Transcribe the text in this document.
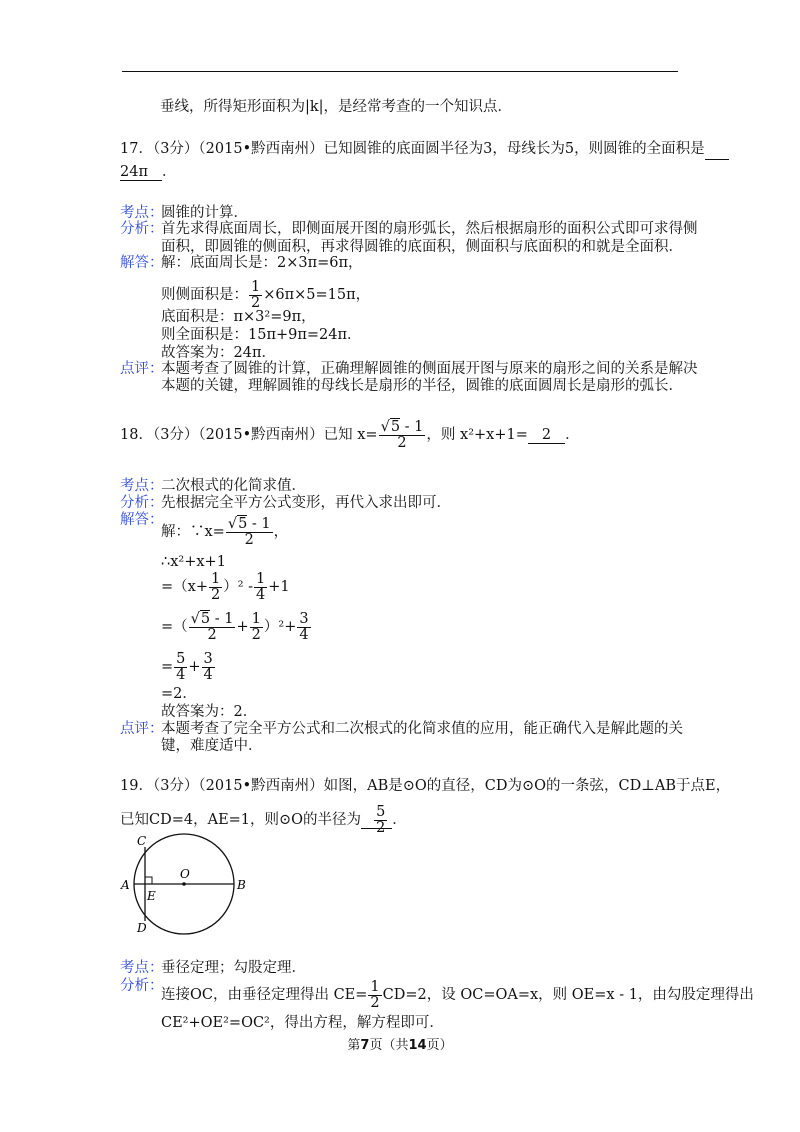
垂线，所得矩形面积为|k|，是经常考查的一个知识点．
17．（3分）（2015•黔西南州）已知圆锥的底面圆半径为3，母线长为5，则圆锥的全面积是
24π ．
考点：
圆锥的计算．
分析：
首先求得底面周长，即侧面展开图的扇形弧长，然后根据扇形的面积公式即可求得侧
面积，即圆锥的侧面积，再求得圆锥的底面积，侧面积与底面积的和就是全面积．
解答：
解：底面周长是：2×3π=6π，
则侧面积是： $\frac{1}{2} \times 6\pi\times 5=15\pi$，
底面积是：π×3²=9π，
则全面积是：15π+9π=24π．
故答案为：24π．
点评：
本题考查了圆锥的计算，正确理解圆锥的侧面展开图与原来的扇形之间的关系是解决
本题的关键，理解圆锥的母线长是扇形的半径，圆锥的底面圆周长是扇形的弧长．
18．（3分）（2015•黔西南州）已知 $x= \frac{√5 - 1}{2}$ ，则 x²+x+1= 2 ．
考点：
二次根式的化简求值．
分析：
先根据完全平方公式变形，再代入求出即可．
解答：
解：∵x= $\frac{√5 - 1}{2}$ ，
∴x²+x+1
$=(x+ \frac{1}{2} )^2 - \frac{1}{4} +1$
=（ $\frac{√5 - 1}{2} + \frac{1}{2} )^2+ \frac{3}{4}$
= $\frac{5}{4} + \frac{3}{4}$
=2．
故答案为：2．
点评：
本题考查了完全平方公式和二次根式的化简求值的应用，能正确代入是解此题的关
键，难度适中．
19．（3分）（2015•黔西南州）如图，AB是⊙O的直径，CD为⊙O的一条弦，CD⊥AB于点E，
已知CD=4，AE=1，则⊙O的半径为 $\frac{5}{2}$ ．
A	B
C
D
E
O
考点：
垂径定理；勾股定理．
分析：
连接OC，由垂径定理得出 $CE= \frac{1}{2} CD=2$，设 OC=OA=x，则 OE=x - 1，由勾股定理得出
CE²+OE²=OC²，得出方程，解方程即可．
第7页（共14页）
